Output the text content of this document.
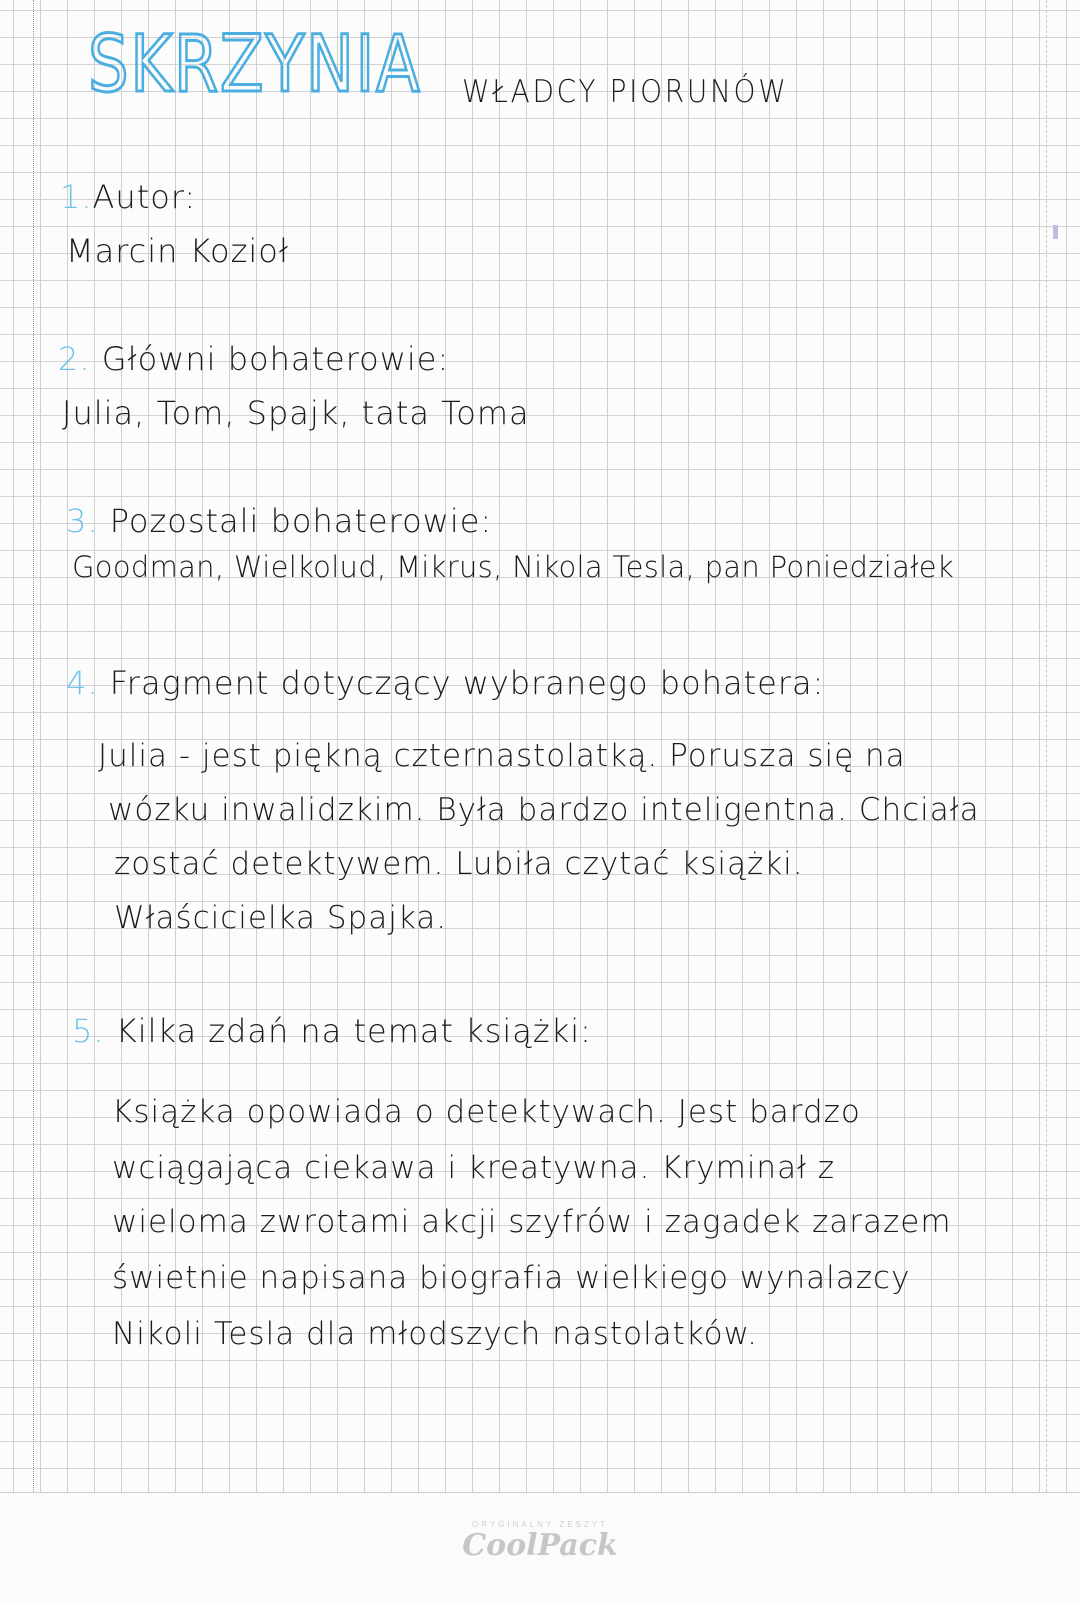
SKRZYNIA WŁADCY PIORUNÓW
1.Autor:
Marcin Kozioł
2. Główni bohaterowie:
Julia, Tom, Spajk, tata Toma
3. Pozostali bohaterowie:
Goodman, Wielkolud, Mikrus, Nikola Tesla, pan Poniedziałek
4. Fragment dotyczący wybranego bohatera:
Julia - jest piękną czternastolatką. Porusza się na
wózku inwalidzkim. Była bardzo inteligentna. Chciała
zostać detektywem. Lubiła czytać książki.
Właścicielka Spajka.
5. Kilka zdań na temat książki:
Książka opowiada o detektywach. Jest bardzo
wciągająca ciekawa i kreatywna. Kryminał z
wieloma zwrotami akcji szyfrów i zagadek zarazem
świetnie napisana biografia wielkiego wynalazcy
Nikoli Tesla dla młodszych nastolatków.
ORYGINALNY ZESZYT
CoolPack
